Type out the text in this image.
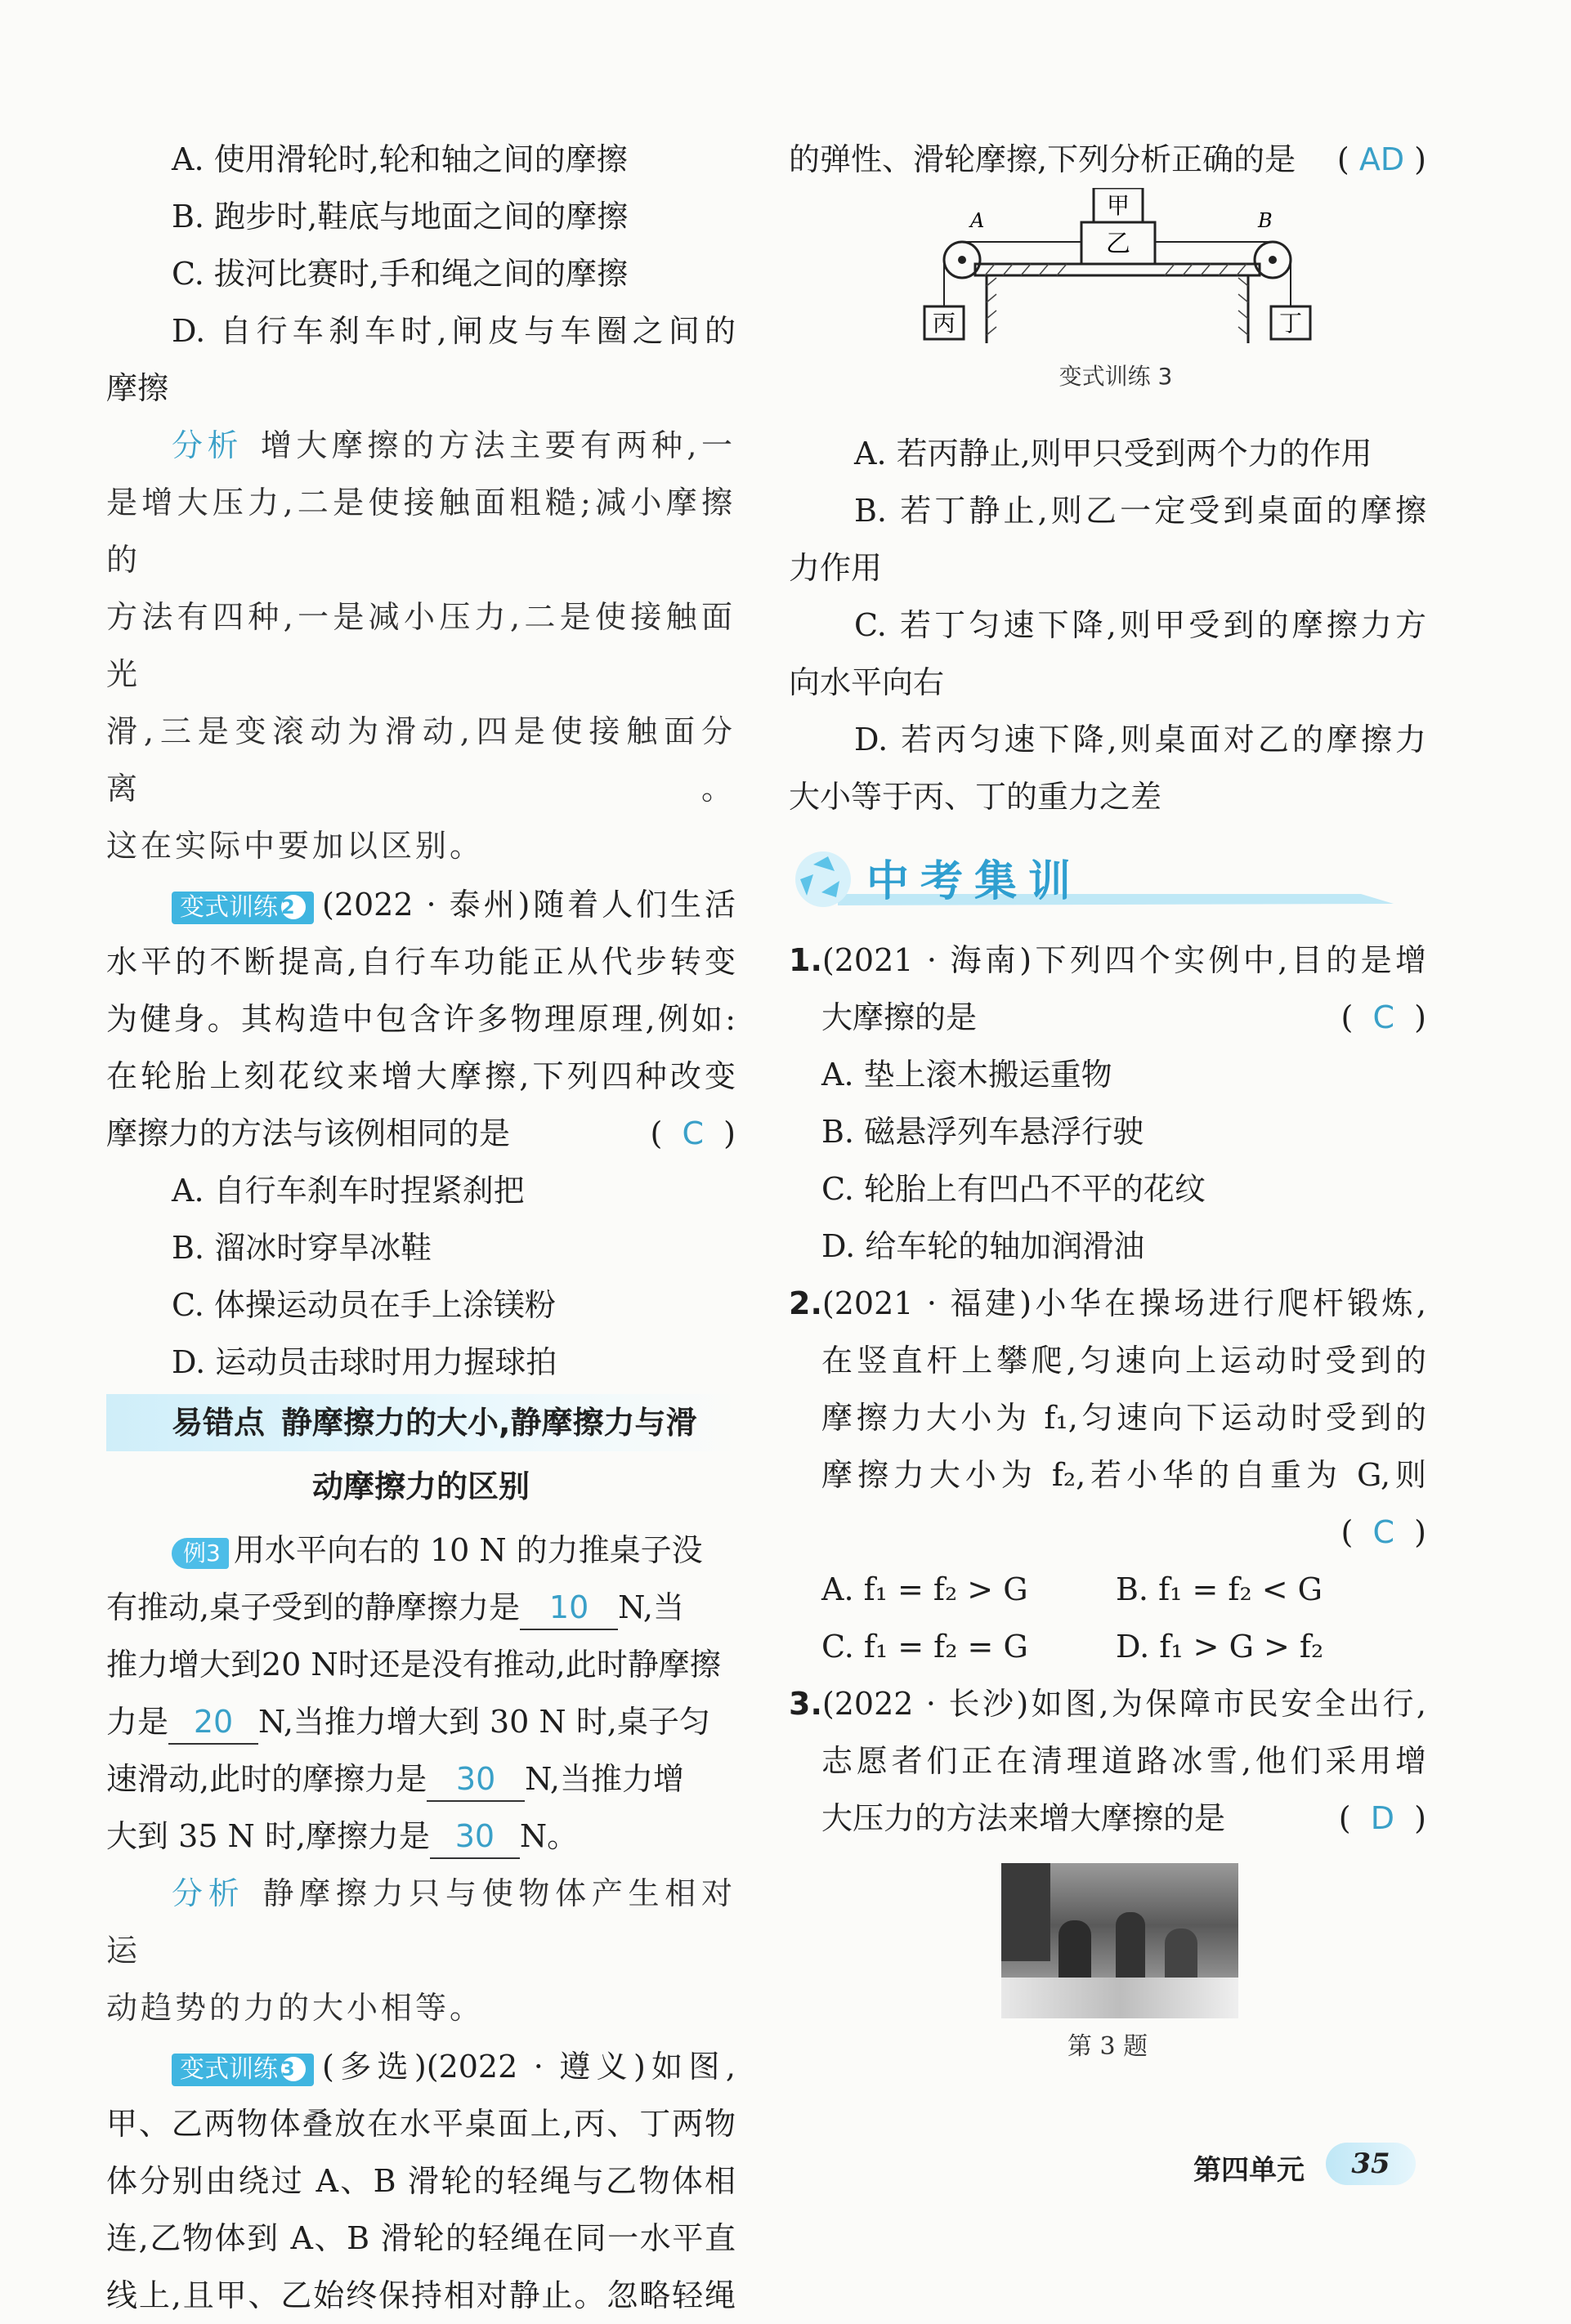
A. 使用滑轮时,轮和轴之间的摩擦

B. 跑步时,鞋底与地面之间的摩擦

C. 拔河比赛时,手和绳之间的摩擦

D. 自行车刹车时,闸皮与车圈之间的

摩擦

分析 增大摩擦的方法主要有两种,一

是增大压力,二是使接触面粗糙;减小摩擦的

方法有四种,一是减小压力,二是使接触面光

滑,三是变滚动为滑动,四是使接触面分离。

这在实际中要加以区别。

变式训练 2 (2022 · 泰州)随着人们生活

水平的不断提高,自行车功能正从代步转变

为健身。其构造中包含许多物理原理,例如:

在轮胎上刻花纹来增大摩擦,下列四种改变

摩擦力的方法与该例相同的是	(  C  )

A. 自行车刹车时捏紧刹把

B. 溜冰时穿旱冰鞋

C. 体操运动员在手上涂镁粉

D. 运动员击球时用力握球拍

易错点 静摩擦力的大小,静摩擦力与滑

动摩擦力的区别

例3 用水平向右的 10 N 的力推桌子没

有推动,桌子受到的静摩擦力是 10 N,当

推力增大到20 N时还是没有推动,此时静摩擦

力是 20 N,当推力增大到 30 N 时,桌子匀

速滑动,此时的摩擦力是 30 N,当推力增

大到 35 N 时,摩擦力是 30 N。

分析 静摩擦力只与使物体产生相对运

动趋势的力的大小相等。

变式训练 3 (多选)(2022 · 遵义)如图,

甲、乙两物体叠放在水平桌面上,丙、丁两物

体分别由绕过 A、B 滑轮的轻绳与乙物体相

连,乙物体到 A、B 滑轮的轻绳在同一水平直

线上,且甲、乙始终保持相对静止。忽略轻绳

的弹性、滑轮摩擦,下列分析正确的是 ( AD )

甲
乙
丙	丁
A	B
变式训练 3

A. 若丙静止,则甲只受到两个力的作用

B. 若丁静止,则乙一定受到桌面的摩擦

力作用

C. 若丁匀速下降,则甲受到的摩擦力方

向水平向右

D. 若丙匀速下降,则桌面对乙的摩擦力

大小等于丙、丁的重力之差

中考集训

1.(2021 · 海南)下列四个实例中,目的是增

大摩擦的是	(  C  )

A. 垫上滚木搬运重物

B. 磁悬浮列车悬浮行驶

C. 轮胎上有凹凸不平的花纹

D. 给车轮的轴加润滑油

2.(2021 · 福建)小华在操场进行爬杆锻炼,

在竖直杆上攀爬,匀速向上运动时受到的

摩擦力大小为 f₁,匀速向下运动时受到的

摩擦力大小为 f₂,若小华的自重为 G,则

(  C  )

A. f₁ = f₂ > G	B. f₁ = f₂ < G

C. f₁ = f₂ = G	D. f₁ > G > f₂

3.(2022 · 长沙)如图,为保障市民安全出行,

志愿者们正在清理道路冰雪,他们采用增

大压力的方法来增大摩擦的是	(  D  )

第 3 题

第四单元	35
